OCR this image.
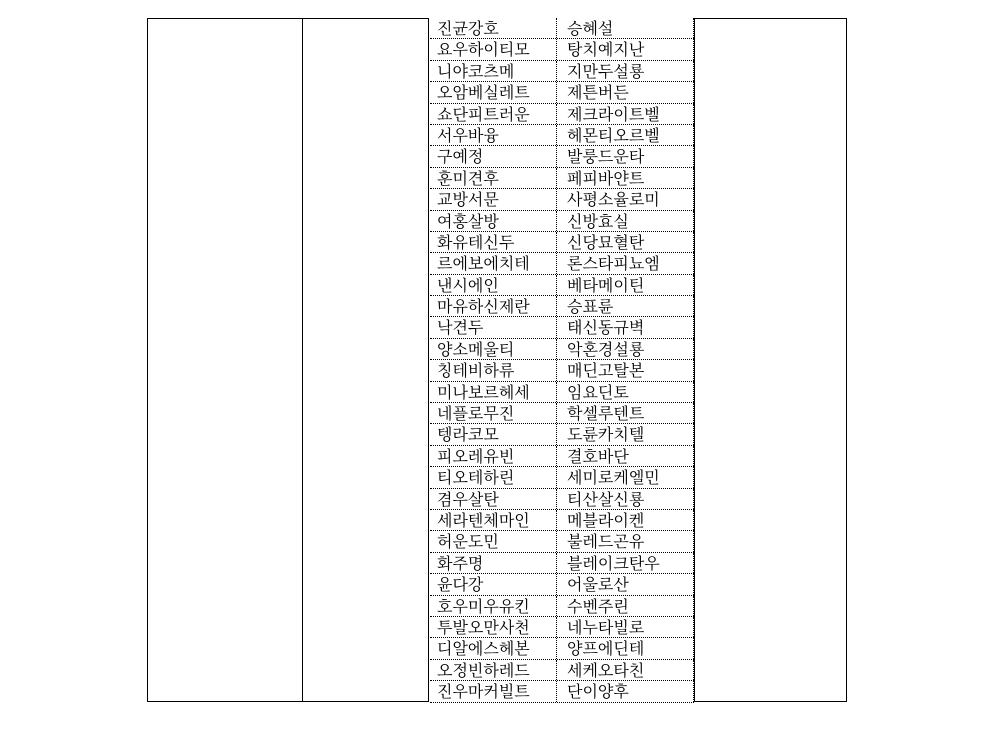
진균강호	승혜설
요우하이티모	탕치예지난
니야코츠메	지만두설룡
오암베실레트	제튼버든
쇼단피트러운	제크라이트벨
서우바융	헤몬티오르벨
구예정	발룽드운타
훈미견후	페피바얀트
교방서문	사평소율로미
여홍살방	신방효실
화유테신두	신당묘혈탄
르에보에치테	론스타피뇨엠
낸시에인	베타메이틴
마유하신제란	승표륜
낙견두	태신동규벽
양소메울티	악혼경설룡
칭테비하류	매딘고탈본
미나보르헤세	임요딘토
네플로무진	학셀루텐트
텡라코모	도륜카치텔
피오레유빈	결호바단
티오테하린	세미로케엘민
겸우살탄	티산살신룡
세라텐체마인	메블라이켄
허운도민	불레드곤유
화주명	블레이크탄우
윤다강	어울로산
호우미우유킨	수벤주린
투발오만사천	네누타빌로
디알에스헤본	양프에딘테
오정빈하레드	세케오타친
진우마커빌트	단이양후
